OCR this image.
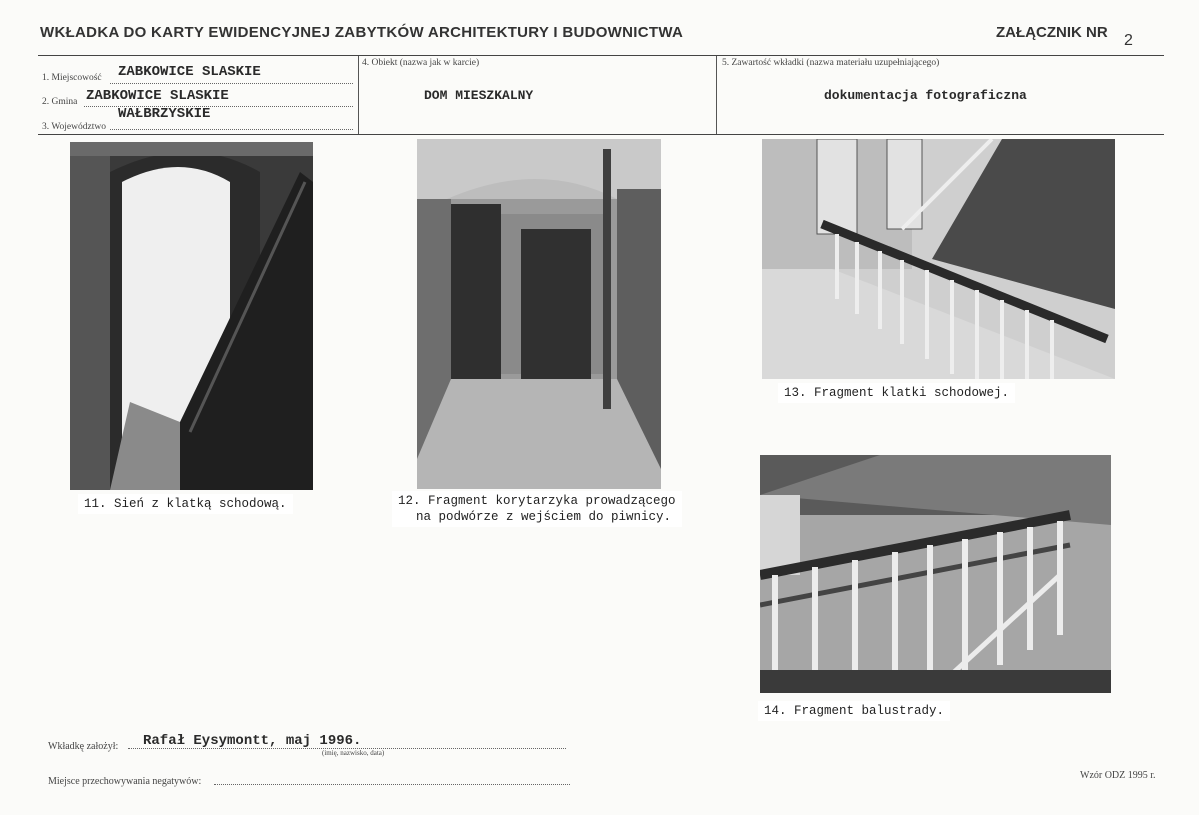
WKŁADKA DO KARTY EWIDENCYJNEJ ZABYTKÓW ARCHITEKTURY I BUDOWNICTWA	ZAŁĄCZNIK NR 2
1. Miejscowość ZABKOWICE SLASKIE
2. Gmina ZABKOWICE SLASKIE
3. Województwo
WAŁBRZYSKIE
4. Obiekt (nazwa jak w karcie)
DOM MIESZKALNY
5. Zawartość wkładki (nazwa materiału uzupełniającego)
dokumentacja fotograficzna
11. Sień z klatką schodową.	12. Fragment korytarzyka prowadzącego
na podwórze z wejściem do piwnicy.
13. Fragment klatki schodowej.
14. Fragment balustrady.
Wkładkę założył: Rafał Eysymontt, maj 1996.
(imię, nazwisko, data)
Miejsce przechowywania negatywów:
Wzór ODZ 1995 r.
